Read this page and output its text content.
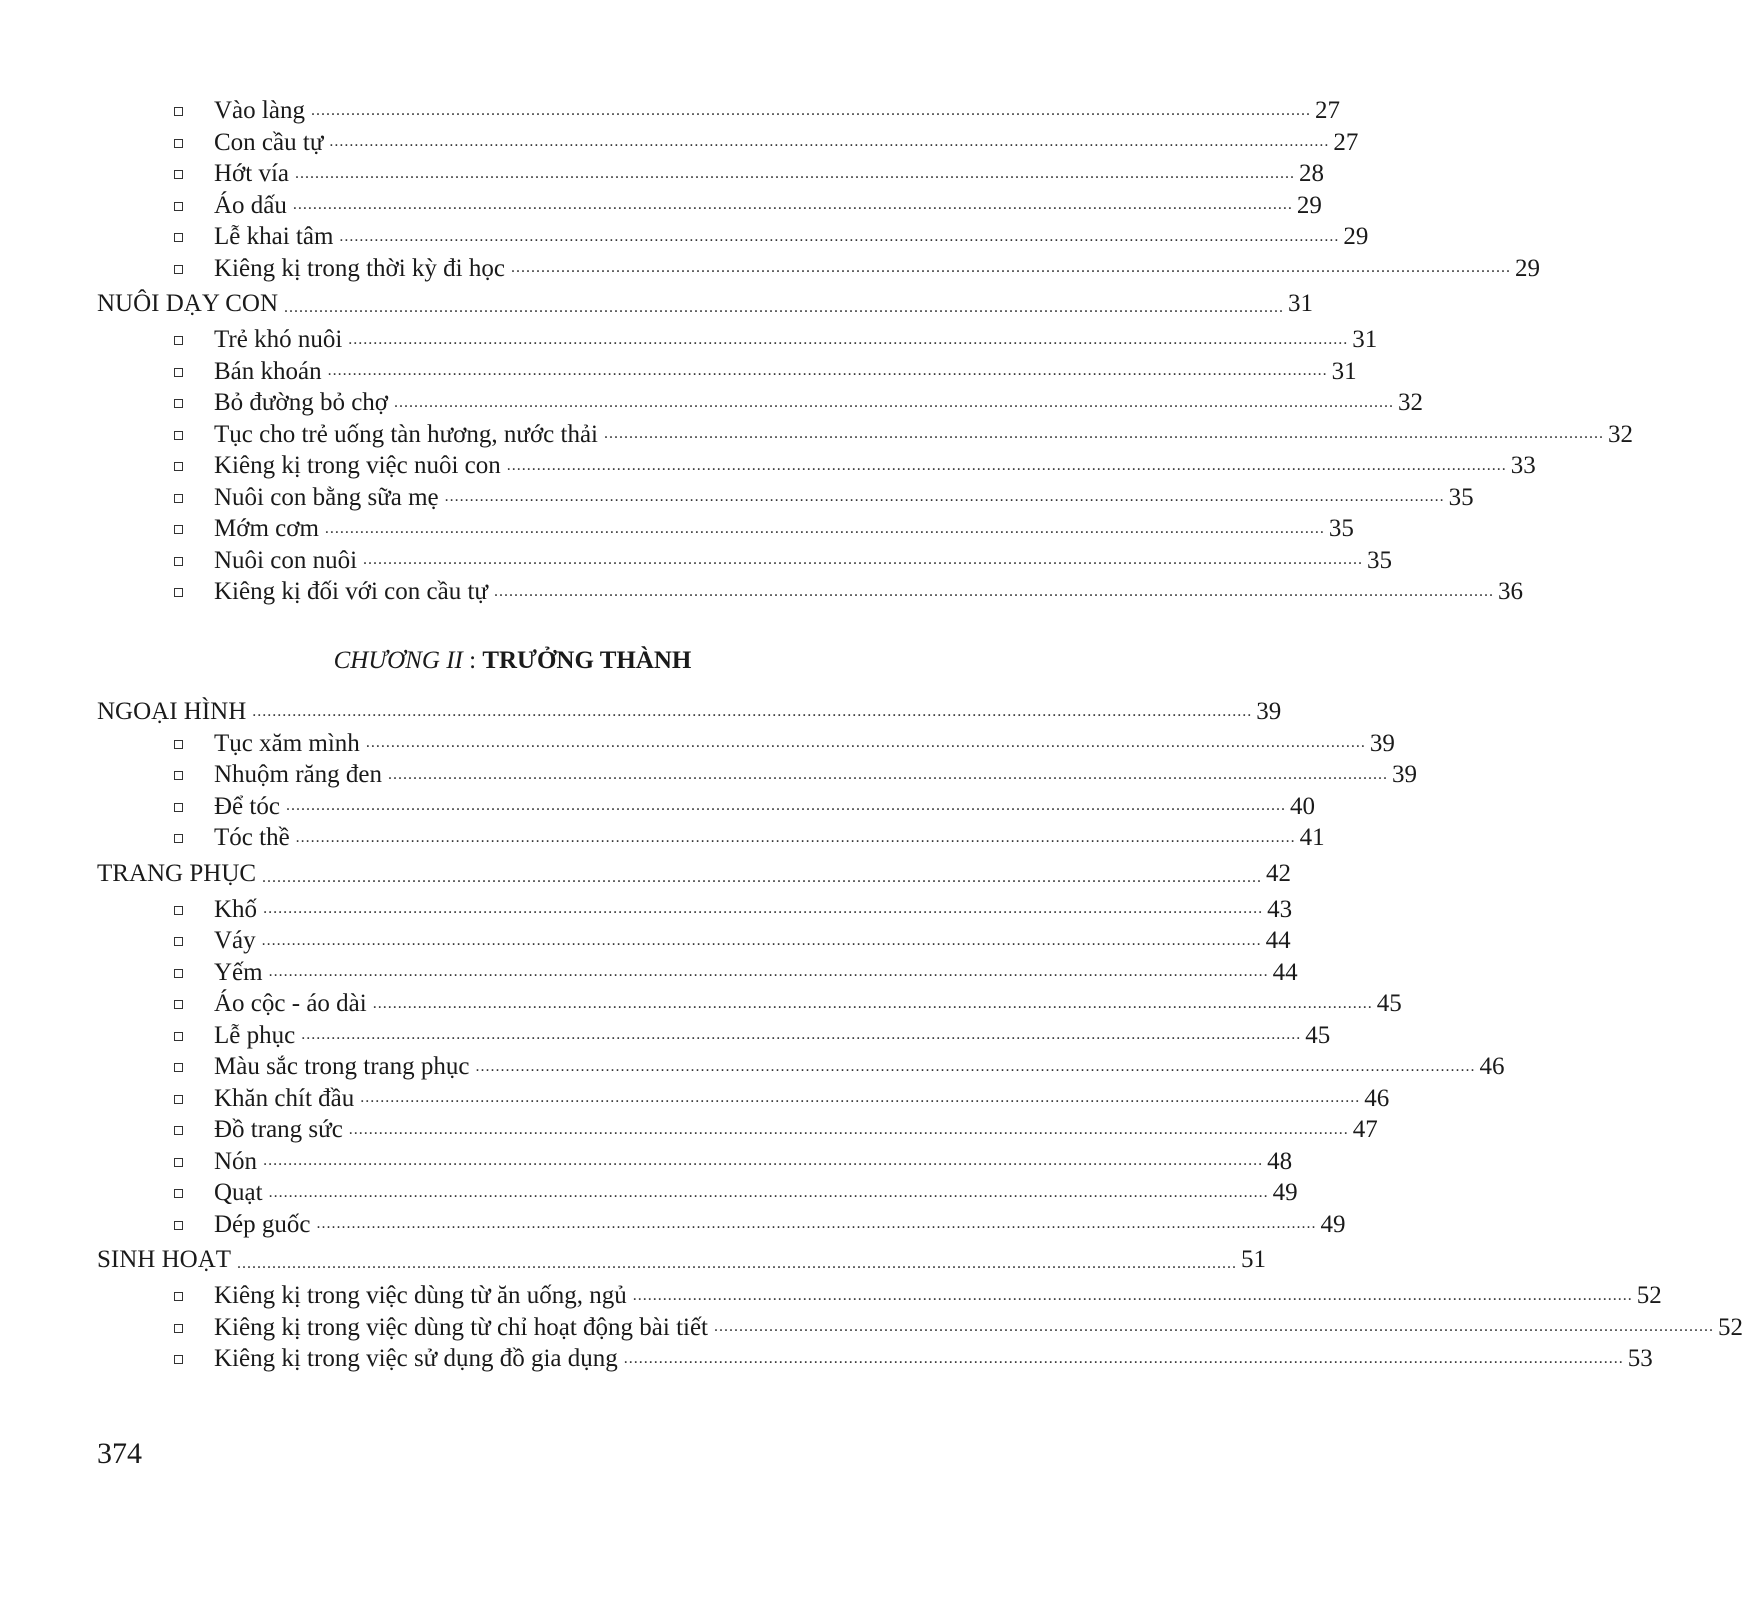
Vào làng ........................................................................................................................................................................................................ 27
Con cầu tự ........................................................................................................................................................................................................ 27
Hớt vía ........................................................................................................................................................................................................ 28
Áo dấu ........................................................................................................................................................................................................ 29
Lễ khai tâm ........................................................................................................................................................................................................ 29
Kiêng kị trong thời kỳ đi học ........................................................................................................................................................................................................ 29
NUÔI DẠY CON ........................................................................................................................................................................................................ 31
Trẻ khó nuôi ........................................................................................................................................................................................................ 31
Bán khoán ........................................................................................................................................................................................................ 31
Bỏ đường bỏ chợ ........................................................................................................................................................................................................ 32
Tục cho trẻ uống tàn hương, nước thải ........................................................................................................................................................................................................ 32
Kiêng kị trong việc nuôi con ........................................................................................................................................................................................................ 33
Nuôi con bằng sữa mẹ ........................................................................................................................................................................................................ 35
Mớm cơm ........................................................................................................................................................................................................ 35
Nuôi con nuôi ........................................................................................................................................................................................................ 35
Kiêng kị đối với con cầu tự ........................................................................................................................................................................................................ 36
CHƯƠNG II : TRƯỞNG THÀNH
NGOẠI HÌNH ........................................................................................................................................................................................................ 39
Tục xăm mình ........................................................................................................................................................................................................ 39
Nhuộm răng đen ........................................................................................................................................................................................................ 39
Để tóc ........................................................................................................................................................................................................ 40
Tóc thề ........................................................................................................................................................................................................ 41
TRANG PHỤC ........................................................................................................................................................................................................ 42
Khố ........................................................................................................................................................................................................ 43
Váy ........................................................................................................................................................................................................ 44
Yếm ........................................................................................................................................................................................................ 44
Áo cộc - áo dài ........................................................................................................................................................................................................ 45
Lễ phục ........................................................................................................................................................................................................ 45
Màu sắc trong trang phục ........................................................................................................................................................................................................ 46
Khăn chít đầu ........................................................................................................................................................................................................ 46
Đồ trang sức ........................................................................................................................................................................................................ 47
Nón ........................................................................................................................................................................................................ 48
Quạt ........................................................................................................................................................................................................ 49
Dép guốc ........................................................................................................................................................................................................ 49
SINH HOẠT ........................................................................................................................................................................................................ 51
Kiêng kị trong việc dùng từ ăn uống, ngủ ........................................................................................................................................................................................................ 52
Kiêng kị trong việc dùng từ chỉ hoạt động bài tiết ........................................................................................................................................................................................................ 52
Kiêng kị trong việc sử dụng đồ gia dụng ........................................................................................................................................................................................................ 53
374
